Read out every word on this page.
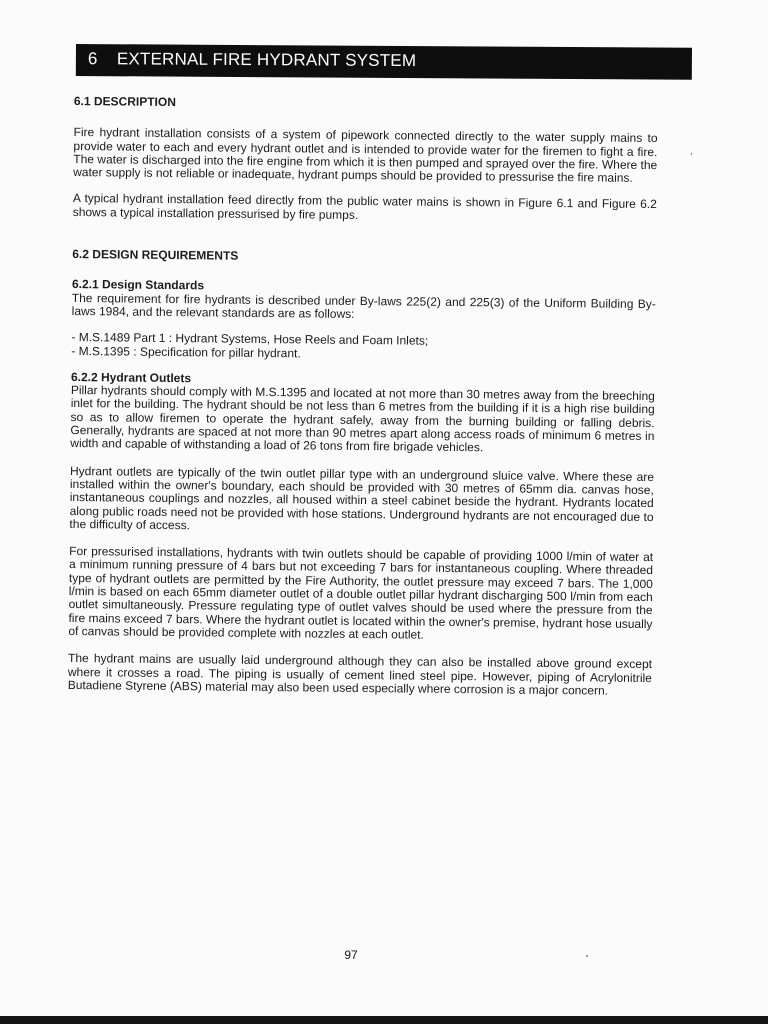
6 EXTERNAL FIRE HYDRANT SYSTEM
6.1 DESCRIPTION

Fire hydrant installation consists of a system of pipework connected directly to the water supply mains to provide water to each and every hydrant outlet and is intended to provide water for the firemen to fight a fire. The water is discharged into the fire engine from which it is then pumped and sprayed over the fire. Where the water supply is not reliable or inadequate, hydrant pumps should be provided to pressurise the fire mains.

A typical hydrant installation feed directly from the public water mains is shown in Figure 6.1 and Figure 6.2 shows a typical installation pressurised by fire pumps.

6.2 DESIGN REQUIREMENTS
6.2.1 Design Standards

The requirement for fire hydrants is described under By-laws 225(2) and 225(3) of the Uniform Building By-laws 1984, and the relevant standards are as follows:

- M.S.1489 Part 1 : Hydrant Systems, Hose Reels and Foam Inlets;
- M.S.1395 : Specification for pillar hydrant.
6.2.2 Hydrant Outlets

Pillar hydrants should comply with M.S.1395 and located at not more than 30 metres away from the breeching inlet for the building. The hydrant should be not less than 6 metres from the building if it is a high rise building so as to allow firemen to operate the hydrant safely, away from the burning building or falling debris. Generally, hydrants are spaced at not more than 90 metres apart along access roads of minimum 6 metres in width and capable of withstanding a load of 26 tons from fire brigade vehicles.

Hydrant outlets are typically of the twin outlet pillar type with an underground sluice valve. Where these are installed within the owner's boundary, each should be provided with 30 metres of 65mm dia. canvas hose, instantaneous couplings and nozzles, all housed within a steel cabinet beside the hydrant. Hydrants located along public roads need not be provided with hose stations. Underground hydrants are not encouraged due to the difficulty of access.

For pressurised installations, hydrants with twin outlets should be capable of providing 1000 l/min of water at a minimum running pressure of 4 bars but not exceeding 7 bars for instantaneous coupling. Where threaded type of hydrant outlets are permitted by the Fire Authority, the outlet pressure may exceed 7 bars. The 1,000 l/min is based on each 65mm diameter outlet of a double outlet pillar hydrant discharging 500 l/min from each outlet simultaneously. Pressure regulating type of outlet valves should be used where the pressure from the fire mains exceed 7 bars. Where the hydrant outlet is located within the owner's premise, hydrant hose usually of canvas should be provided complete with nozzles at each outlet.

The hydrant mains are usually laid underground although they can also be installed above ground except where it crosses a road. The piping is usually of cement lined steel pipe. However, piping of Acrylonitrile Butadiene Styrene (ABS) material may also been used especially where corrosion is a major concern.

,
97
